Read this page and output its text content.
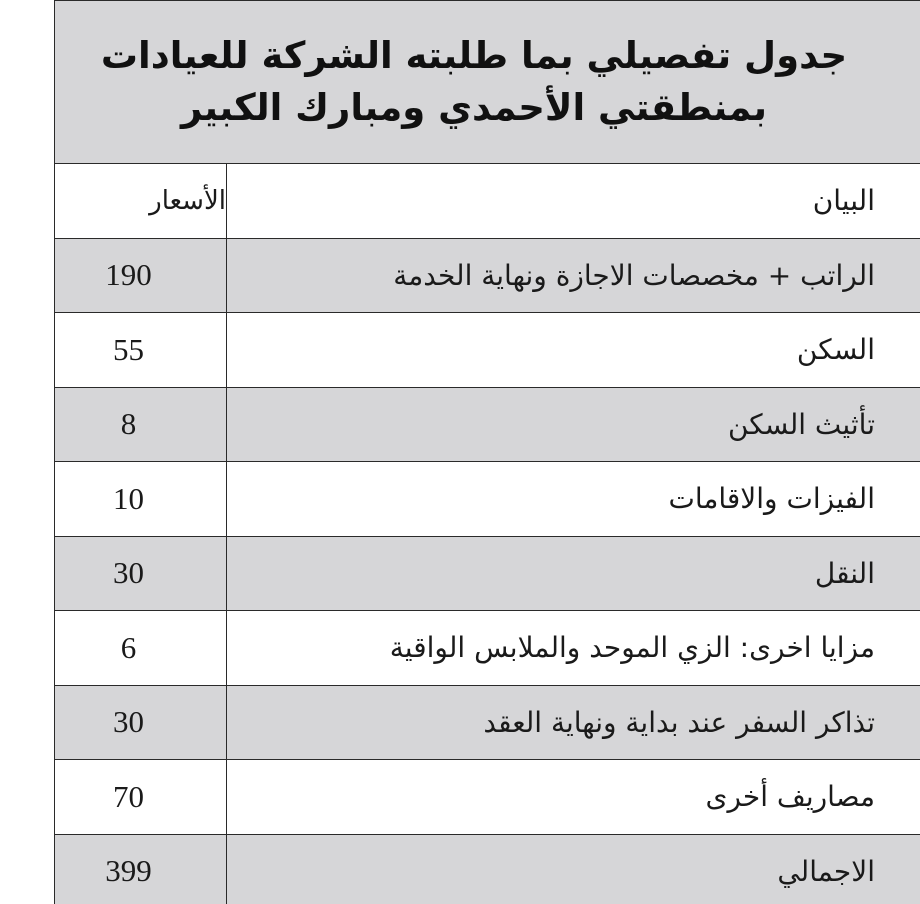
جدول تفصيلي بما طلبته الشركة للعيادات
بمنطقتي الأحمدي ومبارك الكبير
البيان
الأسعار
الراتب + مخصصات الاجازة ونهاية الخدمة
190
السكن
55
تأثيث السكن
8
الفيزات والاقامات
10
النقل
30
مزايا اخرى: الزي الموحد والملابس الواقية
6
تذاكر السفر عند بداية ونهاية العقد
30
مصاريف أخرى
70
الاجمالي
399
